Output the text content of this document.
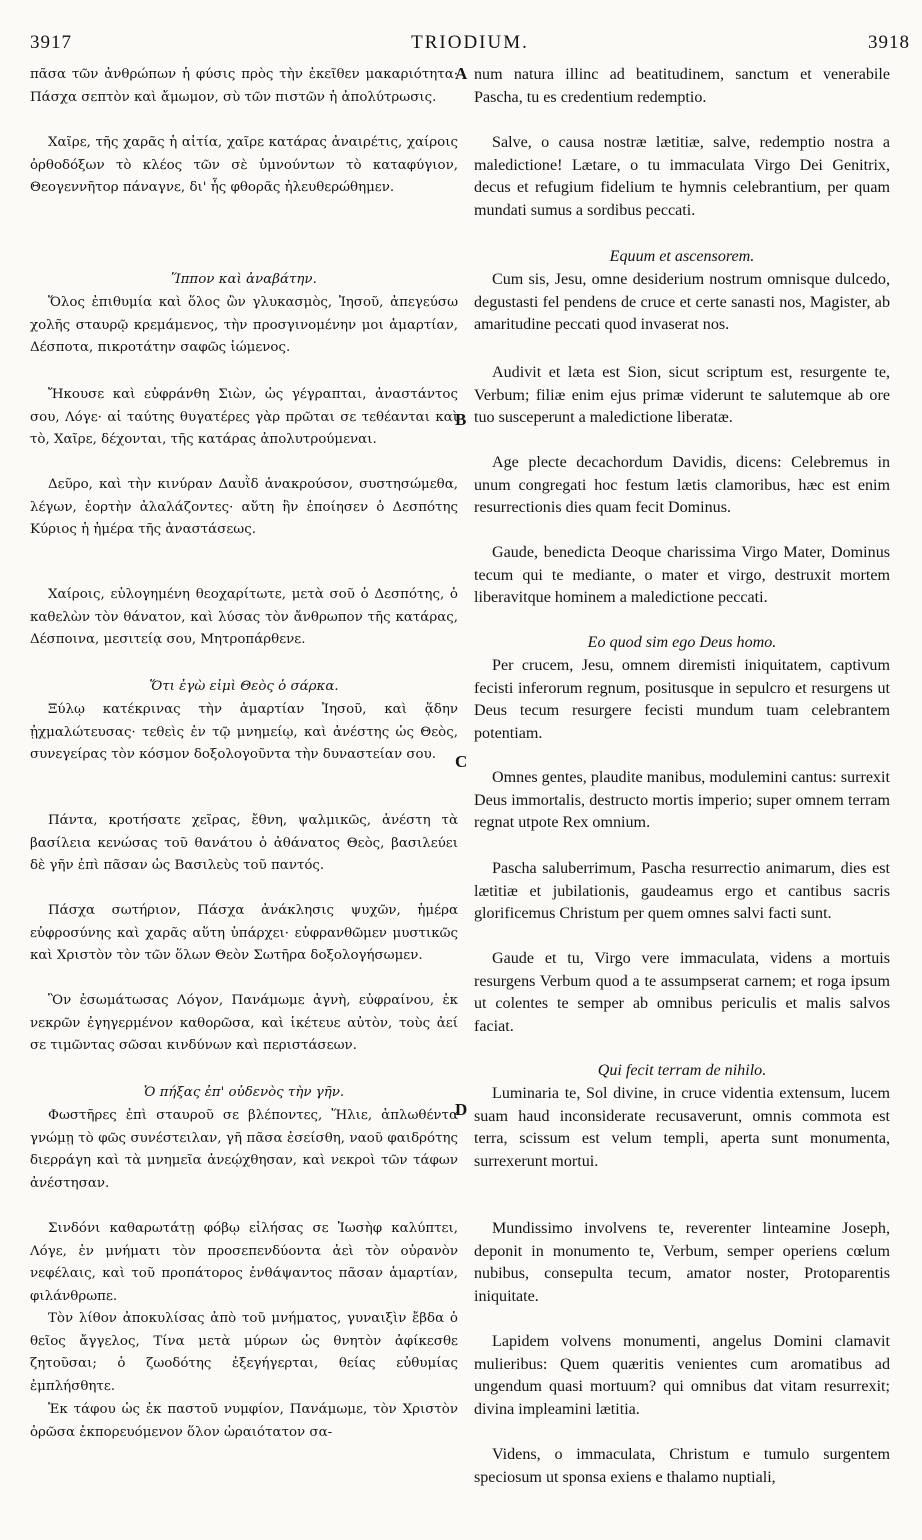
3917	TRIODIUM.	3918
A
B
C
D

πᾶσα τῶν ἀνθρώπων ἡ φύσις πρὸς τὴν ἐκεῖθεν μακαριότητα· Πάσχα σεπτὸν καὶ ἄμωμον, σὺ τῶν πιστῶν ἡ ἀπολύτρωσις.

Χαῖρε, τῆς χαρᾶς ἡ αἰτία, χαῖρε κατάρας ἀναιρέτις, χαίροις ὀρθοδόξων τὸ κλέος τῶν σὲ ὑμνούντων τὸ καταφύγιον, Θεογεννῆτορ πάναγνε, δι' ἧς φθορᾶς ἠλευθερώθημεν.

Ἵππον καὶ ἀναβάτην.

Ὅλος ἐπιθυμία καὶ ὅλος ὢν γλυκασμὸς, Ἰησοῦ, ἀπεγεύσω χολῆς σταυρῷ κρεμάμενος, τὴν προσγινομένην μοι ἁμαρτίαν, Δέσποτα, πικροτάτην σαφῶς ἰώμενος.

Ἤκουσε καὶ εὐφράνθη Σιὼν, ὡς γέγραπται, ἀναστάντος σου, Λόγε· αἱ ταύτης θυγατέρες γὰρ πρῶται σε τεθέανται καὶ τὸ, Χαῖρε, δέχονται, τῆς κατάρας ἀπολυτρούμεναι.

Δεῦρο, καὶ τὴν κινύραν Δαυῒδ ἀνακρούσον, συστησώμεθα, λέγων, ἑορτὴν ἀλαλάζοντες· αὕτη ἣν ἐποίησεν ὁ Δεσπότης Κύριος ἡ ἡμέρα τῆς ἀναστάσεως.

Χαίροις, εὐλογημένη θεοχαρίτωτε, μετὰ σοῦ ὁ Δεσπότης, ὁ καθελὼν τὸν θάνατον, καὶ λύσας τὸν ἄνθρωπον τῆς κατάρας, Δέσποινα, μεσιτείᾳ σου, Μητροπάρθενε.

Ὅτι ἐγὼ εἰμὶ Θεὸς ὁ σάρκα.

Ξύλῳ κατέκρινας τὴν ἁμαρτίαν Ἰησοῦ, καὶ ᾅδην ᾐχμαλώτευσας· τεθεὶς ἐν τῷ μνημείῳ, καὶ ἀνέστης ὡς Θεὸς, συνεγείρας τὸν κόσμον δοξολογοῦντα τὴν δυναστείαν σου.

Πάντα, κροτήσατε χεῖρας, ἔθνη, ψαλμικῶς, ἀνέστη τὰ βασίλεια κενώσας τοῦ θανάτου ὁ ἀθάνατος Θεὸς, βασιλεύει δὲ γῆν ἐπὶ πᾶσαν ὡς Βασιλεὺς τοῦ παντός.

Πάσχα σωτήριον, Πάσχα ἀνάκλησις ψυχῶν, ἡμέρα εὐφροσύνης καὶ χαρᾶς αὕτη ὑπάρχει· εὐφρανθῶμεν μυστικῶς καὶ Χριστὸν τὸν τῶν ὅλων Θεὸν Σωτῆρα δοξολογήσωμεν.

Ὃν ἐσωμάτωσας Λόγον, Πανάμωμε ἁγνὴ, εὐφραίνου, ἐκ νεκρῶν ἐγηγερμένον καθορῶσα, καὶ ἱκέτευε αὐτὸν, τοὺς ἀεί σε τιμῶντας σῶσαι κινδύνων καὶ περιστάσεων.

Ὁ πήξας ἐπ' οὐδενὸς τὴν γῆν.

Φωστῆρες ἐπὶ σταυροῦ σε βλέποντες, Ἥλιε, ἀπλωθέντα γνώμῃ τὸ φῶς συνέστειλαν, γῆ πᾶσα ἐσείσθη, ναοῦ φαιδρότης διερράγη καὶ τὰ μνημεῖα ἀνεῴχθησαν, καὶ νεκροὶ τῶν τάφων ἀνέστησαν.

Σινδόνι καθαρωτάτῃ φόβῳ εἱλήσας σε Ἰωσὴφ καλύπτει, Λόγε, ἐν μνήματι τὸν προσεπενδύοντα ἀεὶ τὸν οὐρανὸν νεφέλαις, καὶ τοῦ προπάτορος ἐνθάψαντος πᾶσαν ἁμαρτίαν, φιλάνθρωπε.

Τὸν λίθον ἀποκυλίσας ἀπὸ τοῦ μνήματος, γυναιξὶν ἔβδα ὁ θεῖος ἄγγελος, Τίνα μετὰ μύρων ὡς θνητὸν ἀφίκεσθε ζητοῦσαι; ὁ ζωοδότης ἐξεγήγερται, θείας εὐθυμίας ἐμπλήσθητε.

Ἐκ τάφου ὡς ἐκ παστοῦ νυμφίον, Πανάμωμε, τὸν Χριστὸν ὁρῶσα ἐκπορευόμενον ὅλον ὡραιότατον σα-

num natura illinc ad beatitudinem, sanctum et venerabile Pascha, tu es credentium redemptio.

Salve, o causa nostræ lætitiæ, salve, redemptio nostra a maledictione! Lætare, o tu immaculata Virgo Dei Genitrix, decus et refugium fidelium te hymnis celebrantium, per quam mundati sumus a sordibus peccati.

Equum et ascensorem.

Cum sis, Jesu, omne desiderium nostrum omnisque dulcedo, degustasti fel pendens de cruce et certe sanasti nos, Magister, ab amaritudine peccati quod invaserat nos.

Audivit et læta est Sion, sicut scriptum est, resurgente te, Verbum; filiæ enim ejus primæ viderunt te salutemque ab ore tuo susceperunt a maledictione liberatæ.

Age plecte decachordum Davidis, dicens: Celebremus in unum congregati hoc festum lætis clamoribus, hæc est enim resurrectionis dies quam fecit Dominus.

Gaude, benedicta Deoque charissima Virgo Mater, Dominus tecum qui te mediante, o mater et virgo, destruxit mortem liberavitque hominem a maledictione peccati.

Eo quod sim ego Deus homo.

Per crucem, Jesu, omnem diremisti iniquitatem, captivum fecisti inferorum regnum, positusque in sepulcro et resurgens ut Deus tecum resurgere fecisti mundum tuam celebrantem potentiam.

Omnes gentes, plaudite manibus, modulemini cantus: surrexit Deus immortalis, destructo mortis imperio; super omnem terram regnat utpote Rex omnium.

Pascha saluberrimum, Pascha resurrectio animarum, dies est lætitiæ et jubilationis, gaudeamus ergo et cantibus sacris glorificemus Christum per quem omnes salvi facti sunt.

Gaude et tu, Virgo vere immaculata, videns a mortuis resurgens Verbum quod a te assumpserat carnem; et roga ipsum ut colentes te semper ab omnibus periculis et malis salvos faciat.

Qui fecit terram de nihilo.

Luminaria te, Sol divine, in cruce videntia extensum, lucem suam haud inconsiderate recusaverunt, omnis commota est terra, scissum est velum templi, aperta sunt monumenta, surrexerunt mortui.

Mundissimo involvens te, reverenter linteamine Joseph, deponit in monumento te, Verbum, semper operiens cœlum nubibus, consepulta tecum, amator noster, Protoparentis iniquitate.

Lapidem volvens monumenti, angelus Domini clamavit mulieribus: Quem quæritis venientes cum aromatibus ad ungendum quasi mortuum? qui omnibus dat vitam resurrexit; divina impleamini lætitia.

Videns, o immaculata, Christum e tumulo surgentem speciosum ut sponsa exiens e thalamo nuptiali,
